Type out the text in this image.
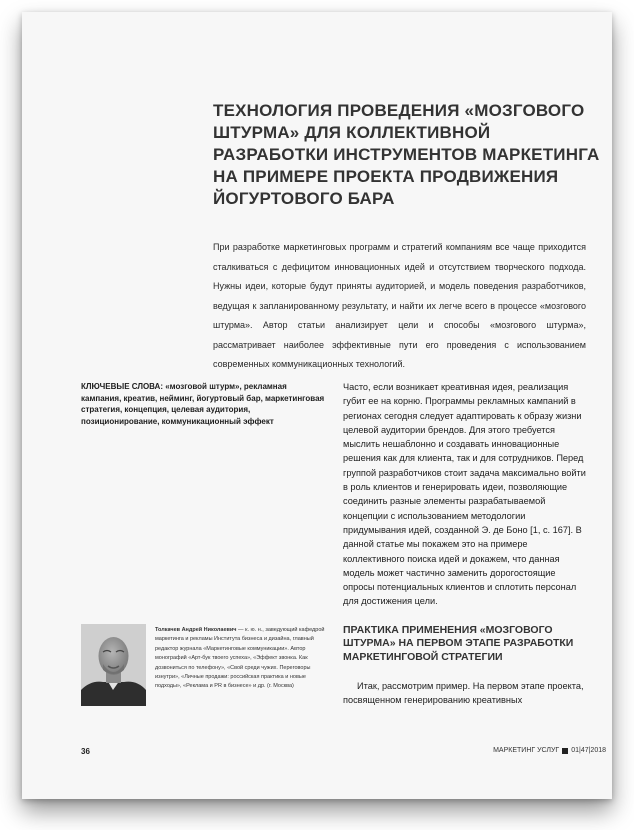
ТЕХНОЛОГИЯ ПРОВЕДЕНИЯ «МОЗГОВОГО ШТУРМА» ДЛЯ КОЛЛЕКТИВНОЙ РАЗРАБОТКИ ИНСТРУМЕНТОВ МАРКЕТИНГА НА ПРИМЕРЕ ПРОЕКТА ПРОДВИЖЕНИЯ ЙОГУРТОВОГО БАРА

При разработке маркетинговых программ и стратегий компаниям все чаще приходится сталкиваться с дефицитом инновационных идей и отсутствием творческого подхода. Нужны идеи, которые будут приняты аудиторией, и модель поведения разработчиков, ведущая к запланированному результату, и найти их легче всего в процессе «мозгового штурма». Автор статьи анализирует цели и способы «мозгового штурма», рассматривает наиболее эффективные пути его проведения с использованием современных коммуникационных технологий.

КЛЮЧЕВЫЕ СЛОВА: «мозговой штурм», рекламная кампания, креатив, нейминг, йогуртовый бар, маркетинговая стратегия, концепция, целевая аудитория, позиционирование, коммуникационный эффект

Часто, если возникает креативная идея, реализация губит ее на корню. Программы рекламных кампаний в регионах сегодня следует адаптировать к образу жизни целевой аудитории брендов. Для этого требуется мыслить нешаблонно и создавать инновационные решения как для клиента, так и для сотрудников. Перед группой разработчиков стоит задача максимально войти в роль клиентов и генерировать идеи, позволяющие соединить разные элементы разрабатываемой концепции с использованием методологии придумывания идей, созданной Э. де Боно [1, с. 167]. В данной статье мы покажем это на примере коллективного поиска идей и докажем, что данная модель может частично заменить дорогостоящие опросы потенциальных клиентов и сплотить персонал для достижения цели.

Толкачев Андрей Николаевич — к. ю. н., заведующий кафедрой маркетинга и рекламы Института бизнеса и дизайна, главный редактор журнала «Маркетинговые коммуникации». Автор монографий «Арт-бук твоего успеха», «Эффект звонка. Как дозвониться по телефону», «Свой среди чужих. Переговоры изнутри», «Личные продажи: российская практика и новые подходы», «Реклама и PR в бизнесе» и др. (г. Москва)

ПРАКТИКА ПРИМЕНЕНИЯ «МОЗГОВОГО ШТУРМА» НА ПЕРВОМ ЭТАПЕ РАЗРАБОТКИ МАРКЕТИНГОВОЙ СТРАТЕГИИ

Итак, рассмотрим пример. На первом этапе проекта, посвященном генерированию креативных

36	МАРКЕТИНГ УСЛУГ 01|47|2018
